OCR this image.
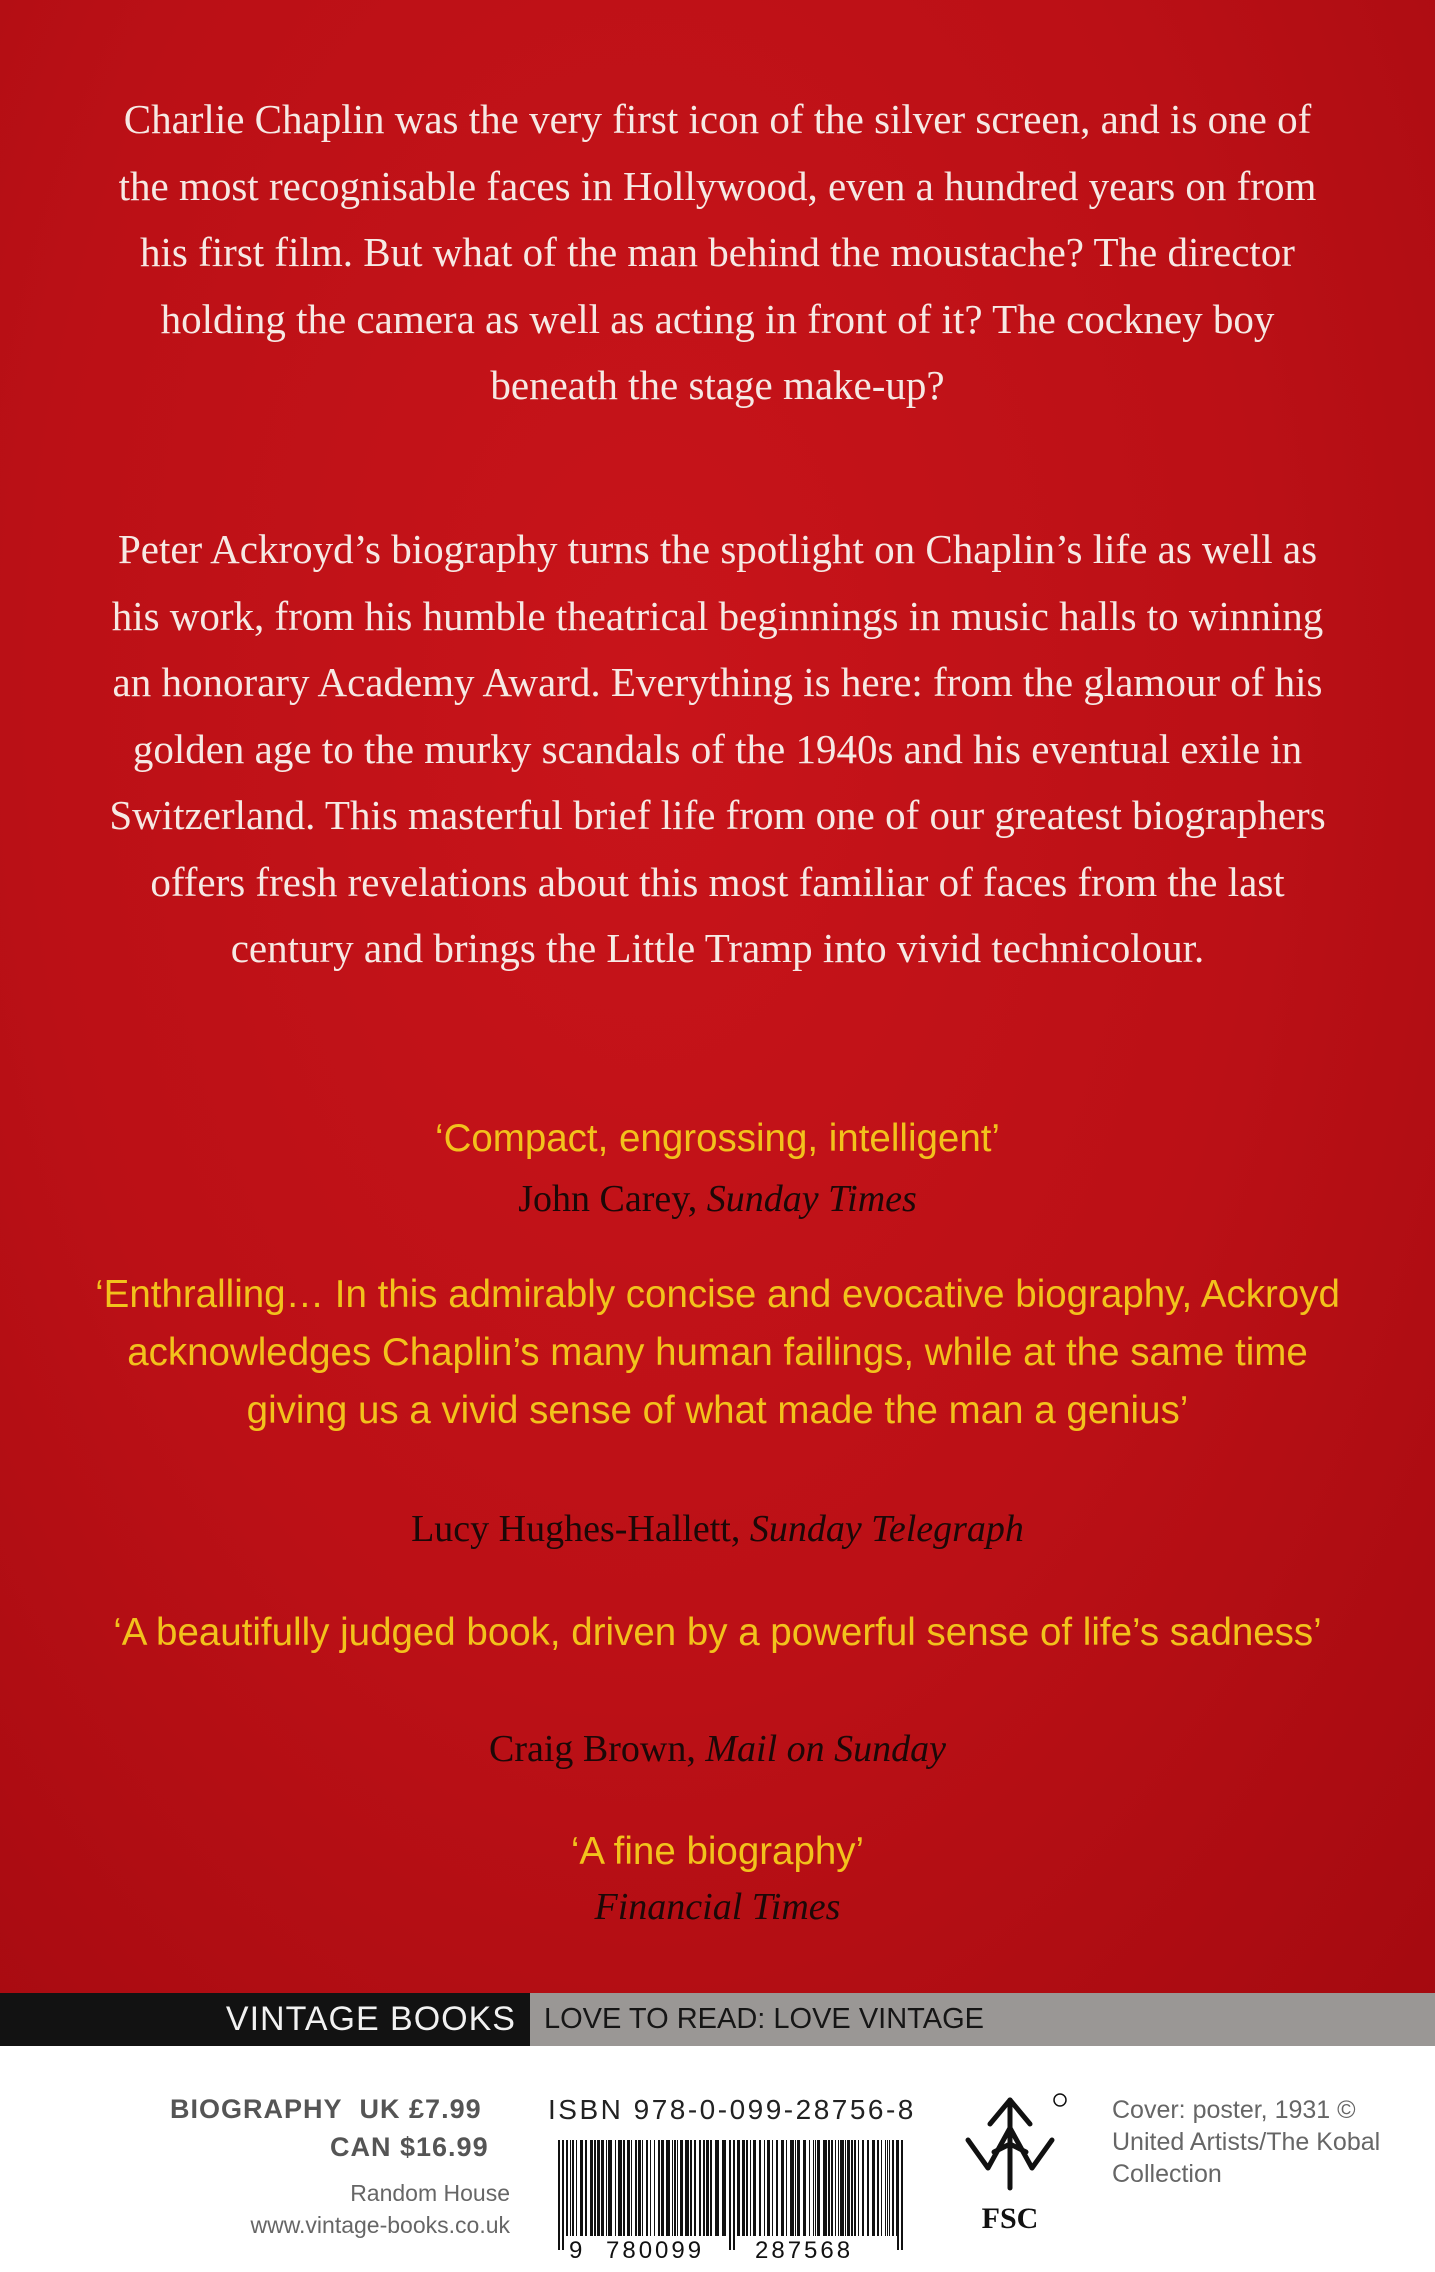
Charlie Chaplin was the very first icon of the silver screen, and is one of the most recognisable faces in Hollywood, even a hundred years on from his first film. But what of the man behind the moustache? The director holding the camera as well as acting in front of it? The cockney boy beneath the stage make-up?

Peter Ackroyd’s biography turns the spotlight on Chaplin’s life as well as his work, from his humble theatrical beginnings in music halls to winning an honorary Academy Award. Everything is here: from the glamour of his golden age to the murky scandals of the 1940s and his eventual exile in Switzerland. This masterful brief life from one of our greatest biographers offers fresh revelations about this most familiar of faces from the last century and brings the Little Tramp into vivid technicolour.

‘Compact, engrossing, intelligent’

John Carey, Sunday Times

‘Enthralling… In this admirably concise and evocative biography, Ackroyd acknowledges Chaplin’s many human failings, while at the same time giving us a vivid sense of what made the man a genius’

Lucy Hughes-Hallett, Sunday Telegraph

‘A beautifully judged book, driven by a powerful sense of life’s sadness’

Craig Brown, Mail on Sunday

‘A fine biography’

Financial Times

VINTAGE BOOKS LOVE TO READ: LOVE VINTAGE
BIOGRAPHY UK £7.99
CAN $16.99
Random House
www.vintage-books.co.uk
ISBN 978-0-099-28756-8
9 780099 287568
FSC

Cover: poster, 1931 ©
United Artists/The Kobal
Collection
